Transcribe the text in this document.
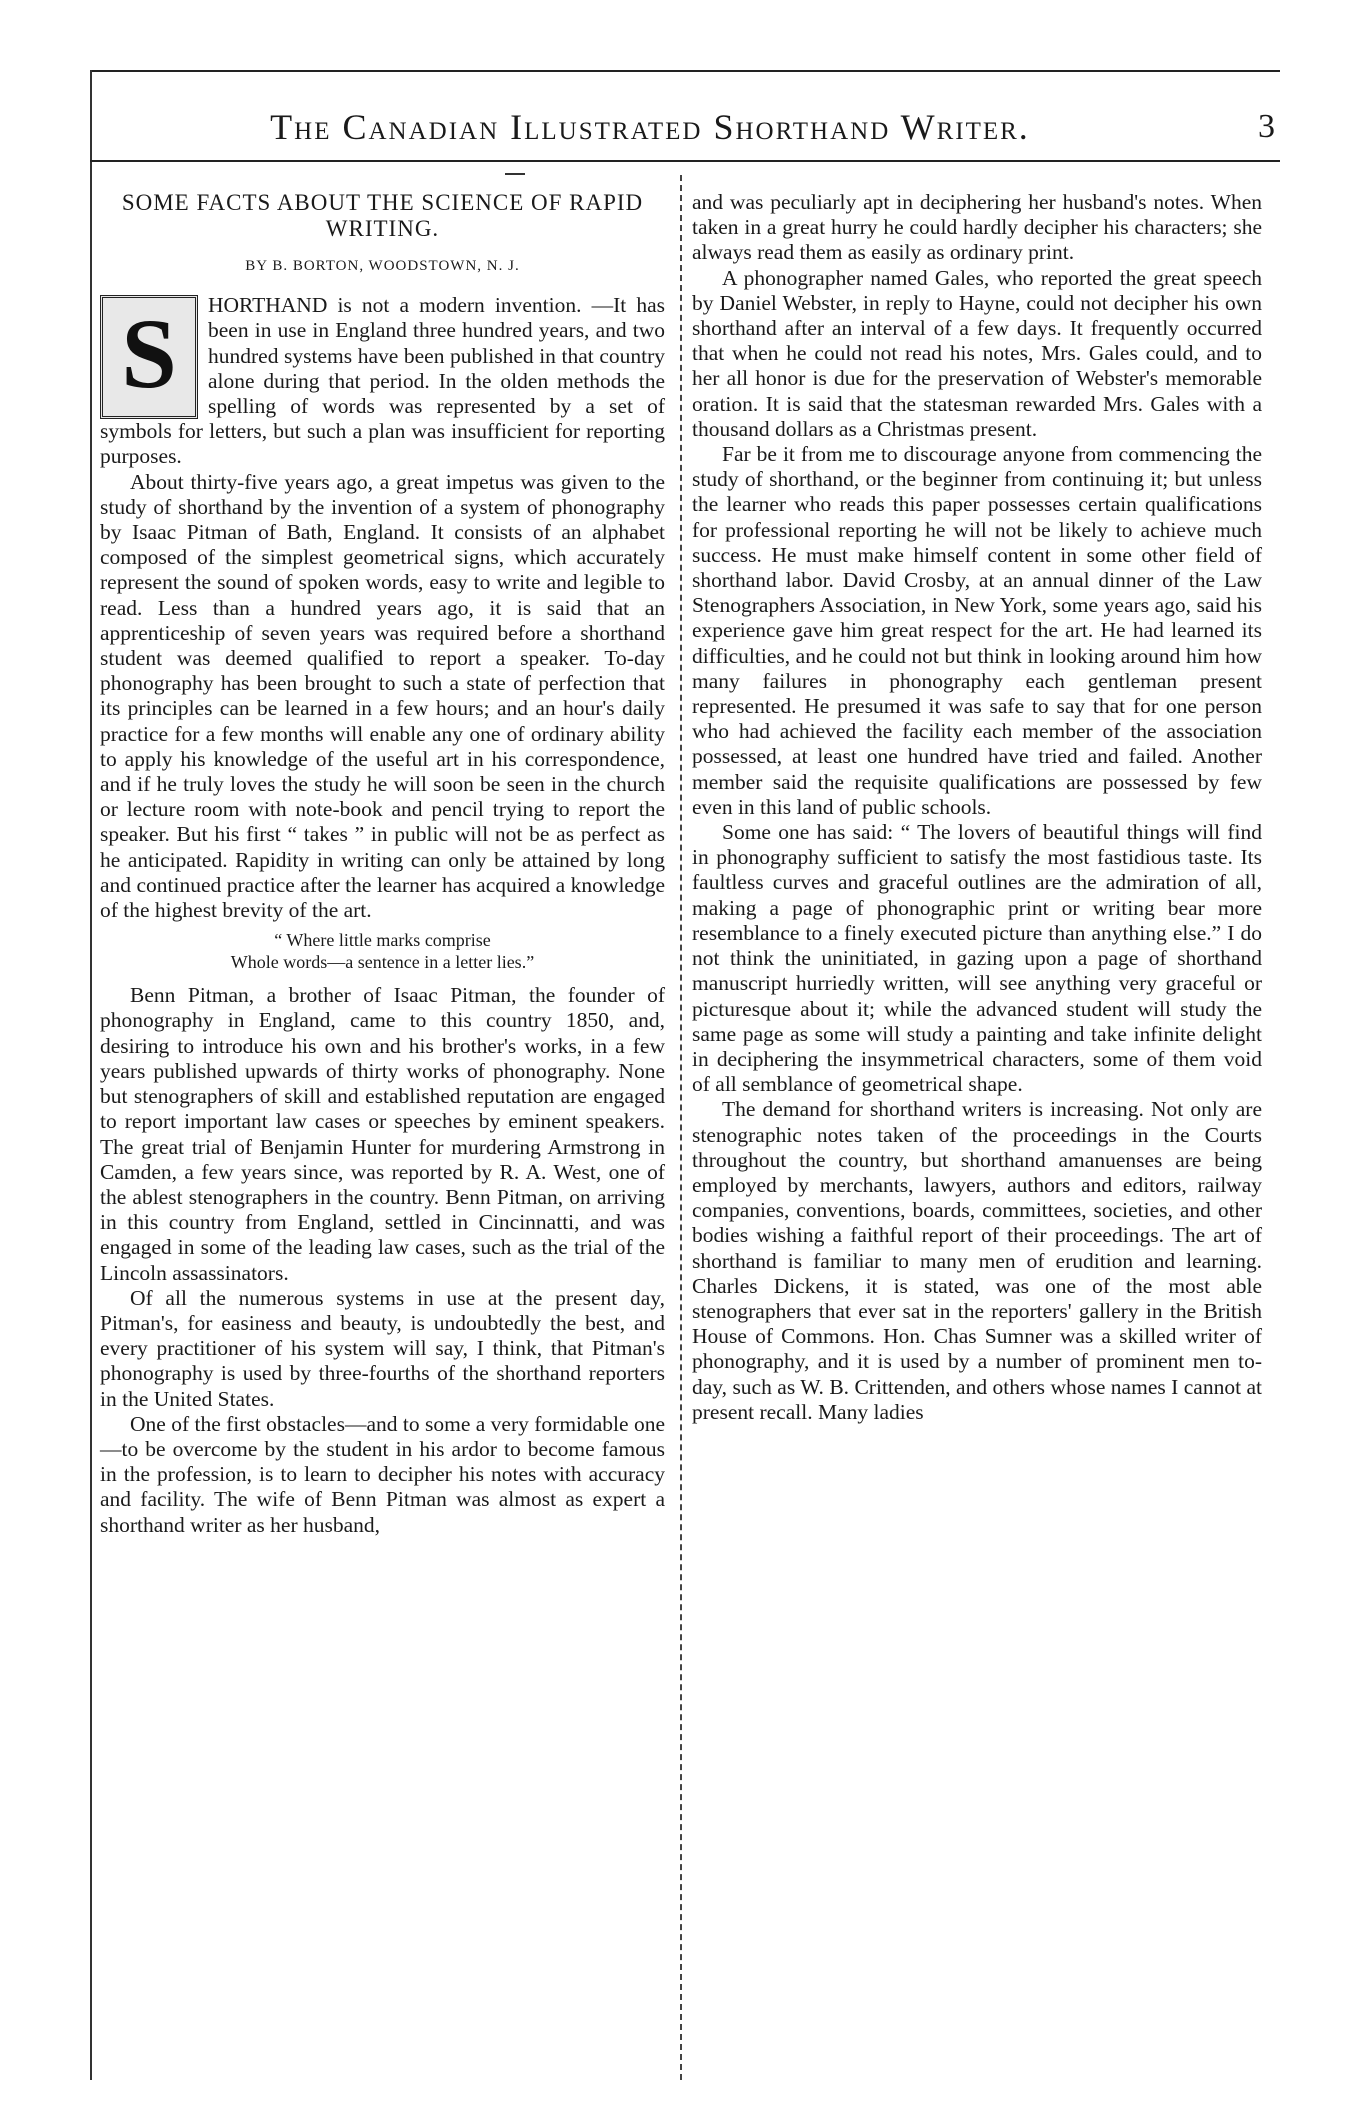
The Canadian Illustrated Shorthand Writer.	3
SOME FACTS ABOUT THE SCIENCE OF RAPID WRITING.
BY B. BORTON, WOODSTOWN, N. J.
S	HORTHAND is not a modern invention. —It has been in use in England three hundred years, and two hundred systems have been published in that country alone during that period. In the olden methods the spelling of words was represented by a set of symbols for letters, but such a plan was insufficient for reporting purposes.

About thirty-five years ago, a great impetus was given to the study of shorthand by the invention of a system of phonography by Isaac Pitman of Bath, England. It consists of an alphabet composed of the simplest geometrical signs, which accurately represent the sound of spoken words, easy to write and legible to read. Less than a hundred years ago, it is said that an apprenticeship of seven years was required before a shorthand student was deemed qualified to report a speaker. To-day phonography has been brought to such a state of perfection that its principles can be learned in a few hours; and an hour's daily practice for a few months will enable any one of ordinary ability to apply his knowledge of the useful art in his correspondence, and if he truly loves the study he will soon be seen in the church or lecture room with note-book and pencil trying to report the speaker. But his first “ takes ” in public will not be as perfect as he anticipated. Rapidity in writing can only be attained by long and continued practice after the learner has acquired a knowledge of the highest brevity of the art.

“ Where little marks comprise
Whole words—a sentence in a letter lies.”

Benn Pitman, a brother of Isaac Pitman, the founder of phonography in England, came to this country 1850, and, desiring to introduce his own and his brother's works, in a few years published upwards of thirty works of phonography. None but stenographers of skill and established reputation are engaged to report important law cases or speeches by eminent speakers. The great trial of Benjamin Hunter for murdering Armstrong in Camden, a few years since, was reported by R. A. West, one of the ablest stenographers in the country. Benn Pitman, on arriving in this country from England, settled in Cincinnatti, and was engaged in some of the leading law cases, such as the trial of the Lincoln assassinators.

Of all the numerous systems in use at the present day, Pitman's, for easiness and beauty, is undoubtedly the best, and every practitioner of his system will say, I think, that Pitman's phonography is used by three-fourths of the shorthand reporters in the United States.

One of the first obstacles—and to some a very formidable one—to be overcome by the student in his ardor to become famous in the profession, is to learn to decipher his notes with accuracy and facility. The wife of Benn Pitman was almost as expert a shorthand writer as her husband,

and was peculiarly apt in deciphering her husband's notes. When taken in a great hurry he could hardly decipher his characters; she always read them as easily as ordinary print.

A phonographer named Gales, who reported the great speech by Daniel Webster, in reply to Hayne, could not decipher his own shorthand after an interval of a few days. It frequently occurred that when he could not read his notes, Mrs. Gales could, and to her all honor is due for the preservation of Webster's memorable oration. It is said that the statesman rewarded Mrs. Gales with a thousand dollars as a Christmas present.

Far be it from me to discourage anyone from commencing the study of shorthand, or the beginner from continuing it; but unless the learner who reads this paper possesses certain qualifications for professional reporting he will not be likely to achieve much success. He must make himself content in some other field of shorthand labor. David Crosby, at an annual dinner of the Law Stenographers Association, in New York, some years ago, said his experience gave him great respect for the art. He had learned its difficulties, and he could not but think in looking around him how many failures in phonography each gentleman present represented. He presumed it was safe to say that for one person who had achieved the facility each member of the association possessed, at least one hundred have tried and failed. Another member said the requisite qualifications are possessed by few even in this land of public schools.

Some one has said: “ The lovers of beautiful things will find in phonography sufficient to satisfy the most fastidious taste. Its faultless curves and graceful outlines are the admiration of all, making a page of phonographic print or writing bear more resemblance to a finely executed picture than anything else.” I do not think the uninitiated, in gazing upon a page of shorthand manuscript hurriedly written, will see anything very graceful or picturesque about it; while the advanced student will study the same page as some will study a painting and take infinite delight in deciphering the insymmetrical characters, some of them void of all semblance of geometrical shape.

The demand for shorthand writers is increasing. Not only are stenographic notes taken of the proceedings in the Courts throughout the country, but shorthand amanuenses are being employed by merchants, lawyers, authors and editors, railway companies, conventions, boards, committees, societies, and other bodies wishing a faithful report of their proceedings. The art of shorthand is familiar to many men of erudition and learning. Charles Dickens, it is stated, was one of the most able stenographers that ever sat in the reporters' gallery in the British House of Commons. Hon. Chas Sumner was a skilled writer of phonography, and it is used by a number of prominent men to-day, such as W. B. Crittenden, and others whose names I cannot at present recall. Many ladies
